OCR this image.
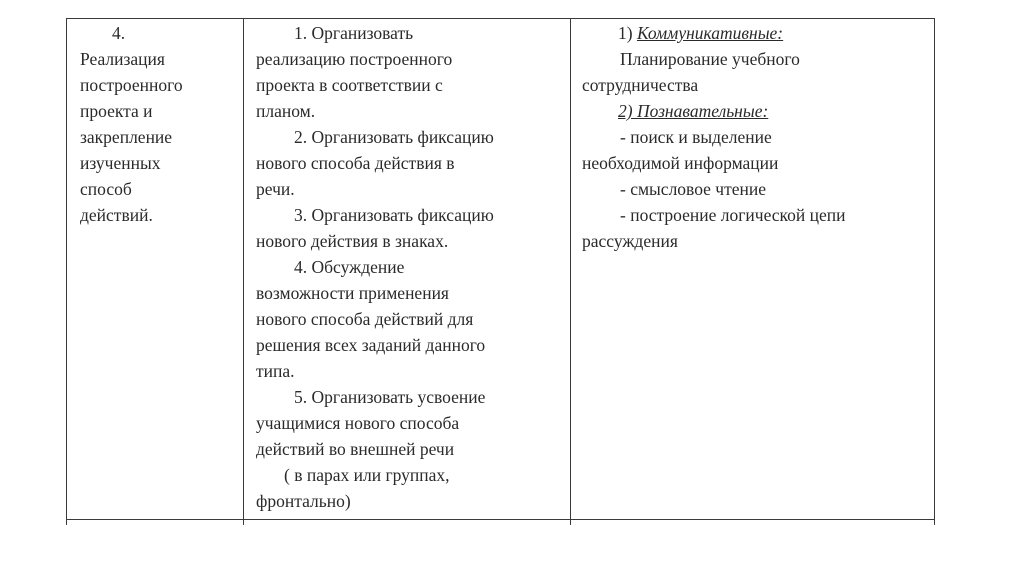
4.
Реализация
построенного
проекта и
закрепление
изученных
способ
действий.
1. Организовать
реализацию построенного
проекта в соответствии с
планом.
2. Организовать фиксацию
нового способа действия в
речи.
3. Организовать фиксацию
нового действия в знаках.
4. Обсуждение
возможности применения
нового способа действий для
решения всех заданий данного
типа.
5. Организовать усвоение
учащимися нового способа
действий во внешней речи
( в парах или группах,
фронтально)
1) Коммуникативные:
Планирование учебного
сотрудничества
2) Познавательные:
- поиск и выделение
необходимой информации
- смысловое чтение
- построение логической цепи
рассуждения
